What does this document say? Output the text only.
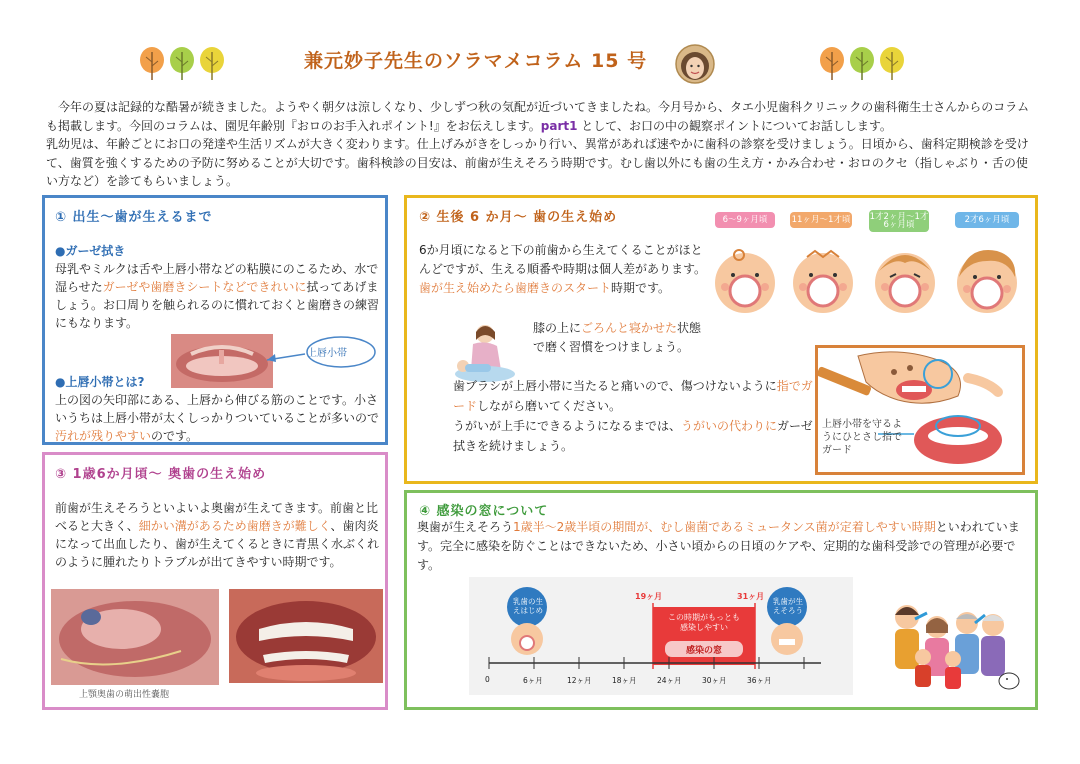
兼元妙子先生のソラマメコラム 15 号
今年の夏は記録的な酷暑が続きました。ようやく朝夕は涼しくなり、少しずつ秋の気配が近づいてきましたね。今月号から、タエ小児歯科クリニックの歯科衛生士さんからのコラムも掲載します。今回のコラムは、園児年齢別『おロのお手入れポイント!』をお伝えします。part1 として、お口の中の観察ポイントについてお話しします。
乳幼児は、年齢ごとにお口の発達や生活リズムが大きく変わります。仕上げみがきをしっかり行い、異常があれば速やかに歯科の診察を受けましょう。日頃から、歯科定期検診を受けて、歯質を強くするための予防に努めることが大切です。歯科検診の目安は、前歯が生えそろう時期です。むし歯以外にも歯の生え方・かみ合わせ・おロのクセ（指しゃぶり・舌の使い方など）を診てもらいましょう。
① 出生〜歯が生えるまで
●ガーゼ拭き
母乳やミルクは舌や上唇小帯などの粘膜にのこるため、水で湿らせたガーゼや歯磨きシートなどできれいに拭ってあげましょう。お口周りを触られるのに慣れておくと歯磨きの練習にもなります。
上唇小帯
●上唇小帯とは?
上の図の矢印部にある、上唇から伸びる筋のことです。小さいうちは上唇小帯が太くしっかりついていることが多いので汚れが残りやすいのです。
② 生後 6 か月〜 歯の生え始め
6か月頃になると下の前歯から生えてくることがほとんどですが、生える順番や時期は個人差があります。歯が生え始めたら歯磨きのスタート時期です。
膝の上にごろんと寝かせた状態で磨く習慣をつけましょう。
歯ブラシが上唇小帯に当たると痛いので、傷つけないように指でガードしながら磨いてください。
うがいが上手にできるようになるまでは、うがいの代わりにガーゼ拭きを続けましょう。
6〜9ヶ月頃	11ヶ月〜1才頃 1才2ヶ月〜1才6ヶ月頃	2才6ヶ月頃
上唇小帯を守るようにひとさし指でガード
③ 1歳6か月頃〜 奥歯の生え始め
前歯が生えそろうといよいよ奥歯が生えてきます。前歯と比べると大きく、細かい溝があるため歯磨きが難しく、歯肉炎になって出血したり、歯が生えてくるときに青黒く水ぶくれのように腫れたりトラブルが出てきやすい時期です。
上顎奥歯の萌出性嚢胞
④ 感染の窓について
奥歯が生えそろう1歳半〜2歳半頃の期間が、むし歯菌であるミュータンス菌が定着しやすい時期といわれています。完全に感染を防ぐことはできないため、小さい頃からの日頃のケアや、定期的な歯科受診での管理が必要です。
乳歯の生えはじめ
乳歯が生えそろう
19ヶ月	31ヶ月
この時期がもっとも感染しやすい
感染の窓
0	6ヶ月	12ヶ月	18ヶ月	24ヶ月	30ヶ月	36ヶ月
